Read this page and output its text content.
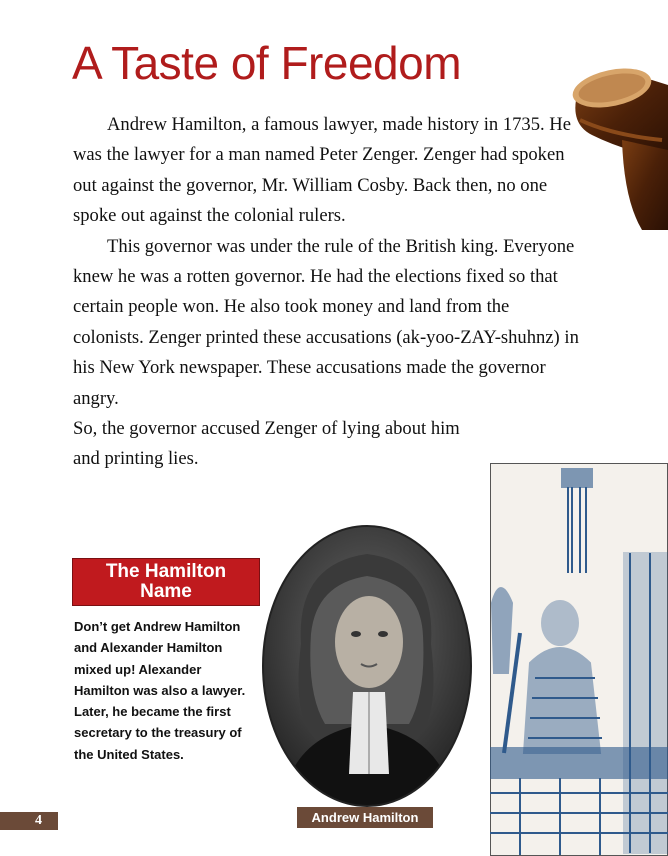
A Taste of Freedom

Andrew Hamilton, a famous lawyer, made history in 1735. He was the lawyer for a man named Peter Zenger. Zenger had spoken out against the governor, Mr. William Cosby. Back then, no one spoke out against the colonial rulers.

This governor was under the rule of the British king. Everyone knew he was a rotten governor. He had the elections fixed so that certain people won. He also took money and land from the colonists. Zenger printed these accusations (ak-yoo-ZAY-shuhnz) in his New York newspaper. These accusations made the governor angry.

So, the governor accused Zenger of lying about him and printing lies.
The Hamilton
Name
Don’t get Andrew Hamilton and Alexander Hamilton mixed up! Alexander Hamilton was also a lawyer. Later, he became the first secretary to the treasury of the United States.
Andrew Hamilton
4
